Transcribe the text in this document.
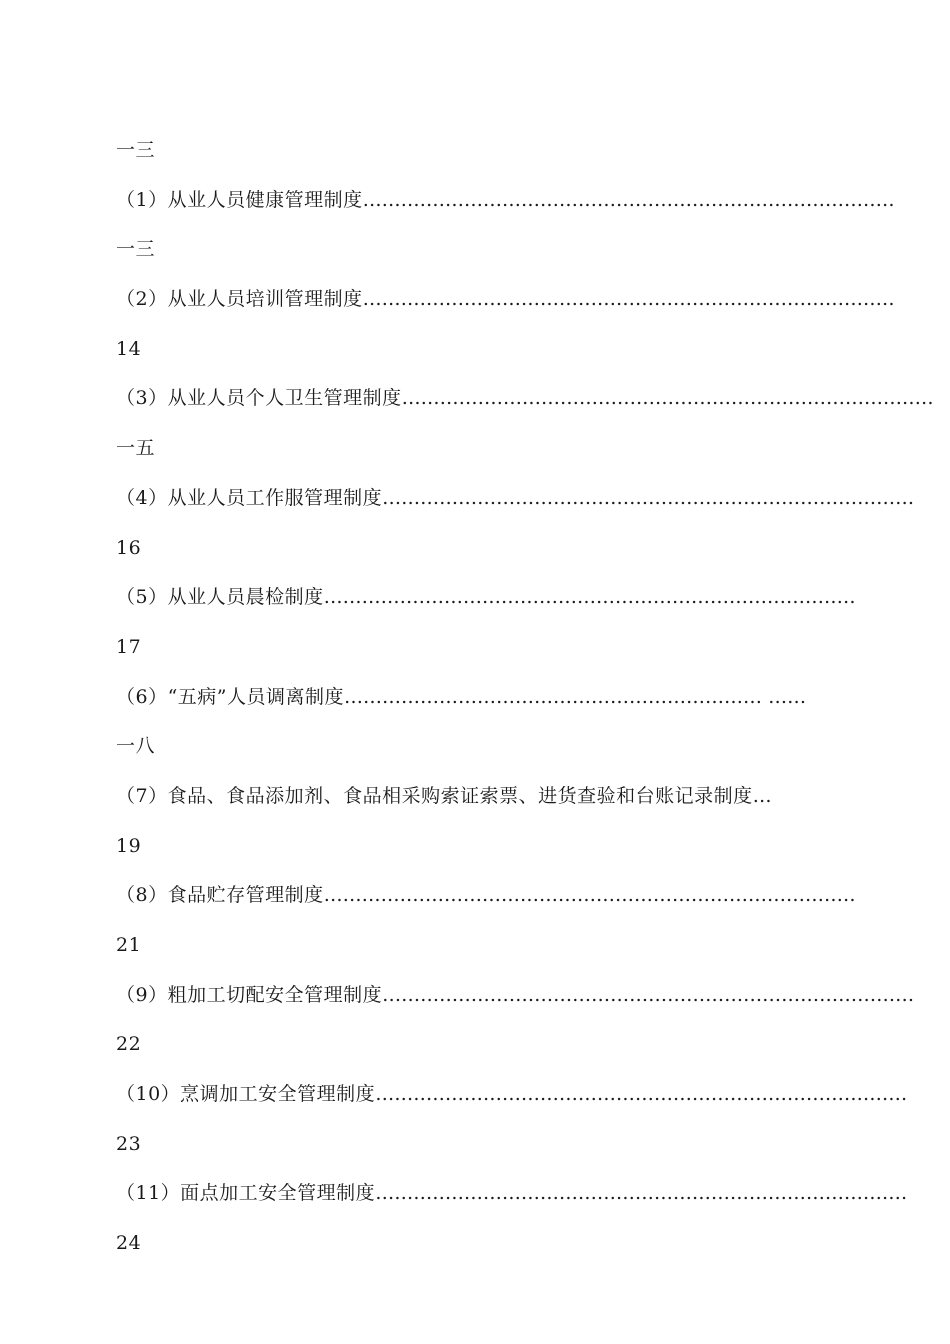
一三
（1）从业人员健康管理制度 …………………………………………………………………………
一三
（2）从业人员培训管理制度 …………………………………………………………………………
14
（3）从业人员个人卫生管理制度 …………………………………………………………………………
一五
（4）从业人员工作服管理制度 …………………………………………………………………………
16
（5）从业人员晨检制度 …………………………………………………………………………
17
（6）“五病”人员调离制度 ………………………………………………………… ……
一八
（7）食品、食品添加剂、食品相采购索证索票、进货查验和台账记录制度 …
19
（8）食品贮存管理制度 …………………………………………………………………………
21
（9）粗加工切配安全管理制度 …………………………………………………………………………
22
（10）烹调加工安全管理制度 …………………………………………………………………………
23
（11）面点加工安全管理制度 …………………………………………………………………………
24
